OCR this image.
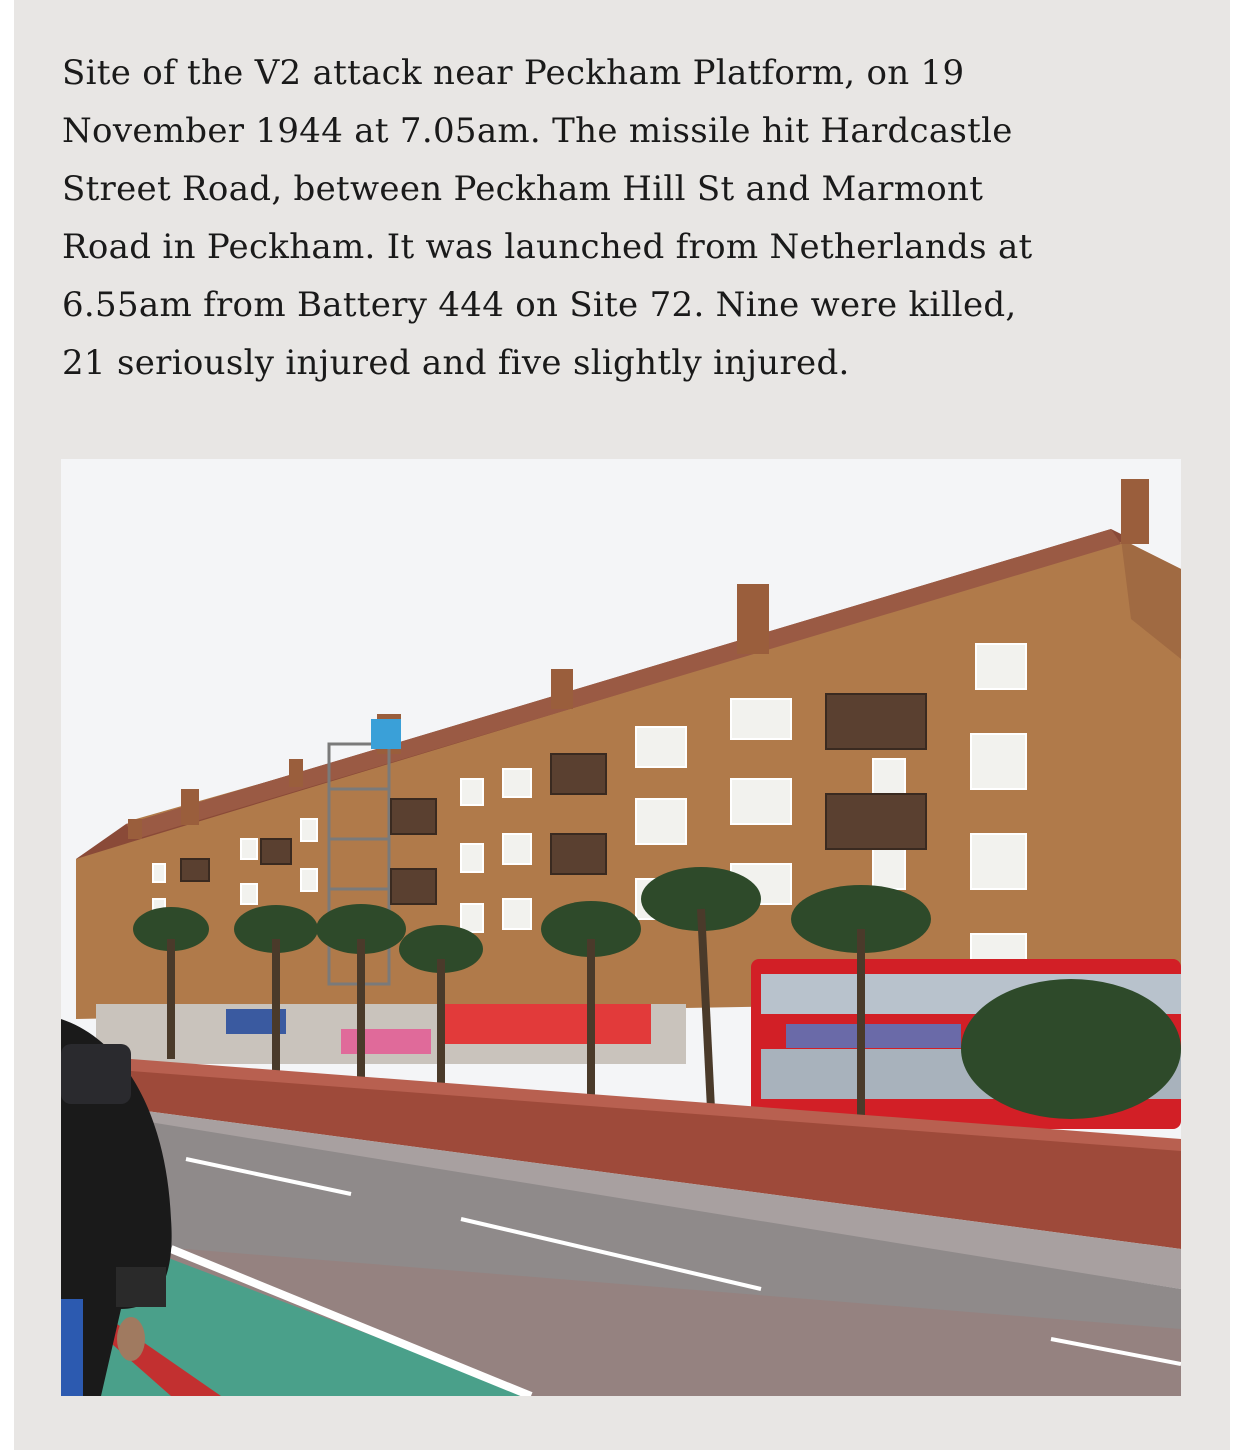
Site of the V2 attack near Peckham Platform, on 19
November 1944 at 7.05am. The missile hit Hardcastle
Street Road, between Peckham Hill St and Marmont
Road in Peckham. It was launched from Netherlands at
6.55am from Battery 444 on Site 72. Nine were killed,
21 seriously injured and five slightly injured.
